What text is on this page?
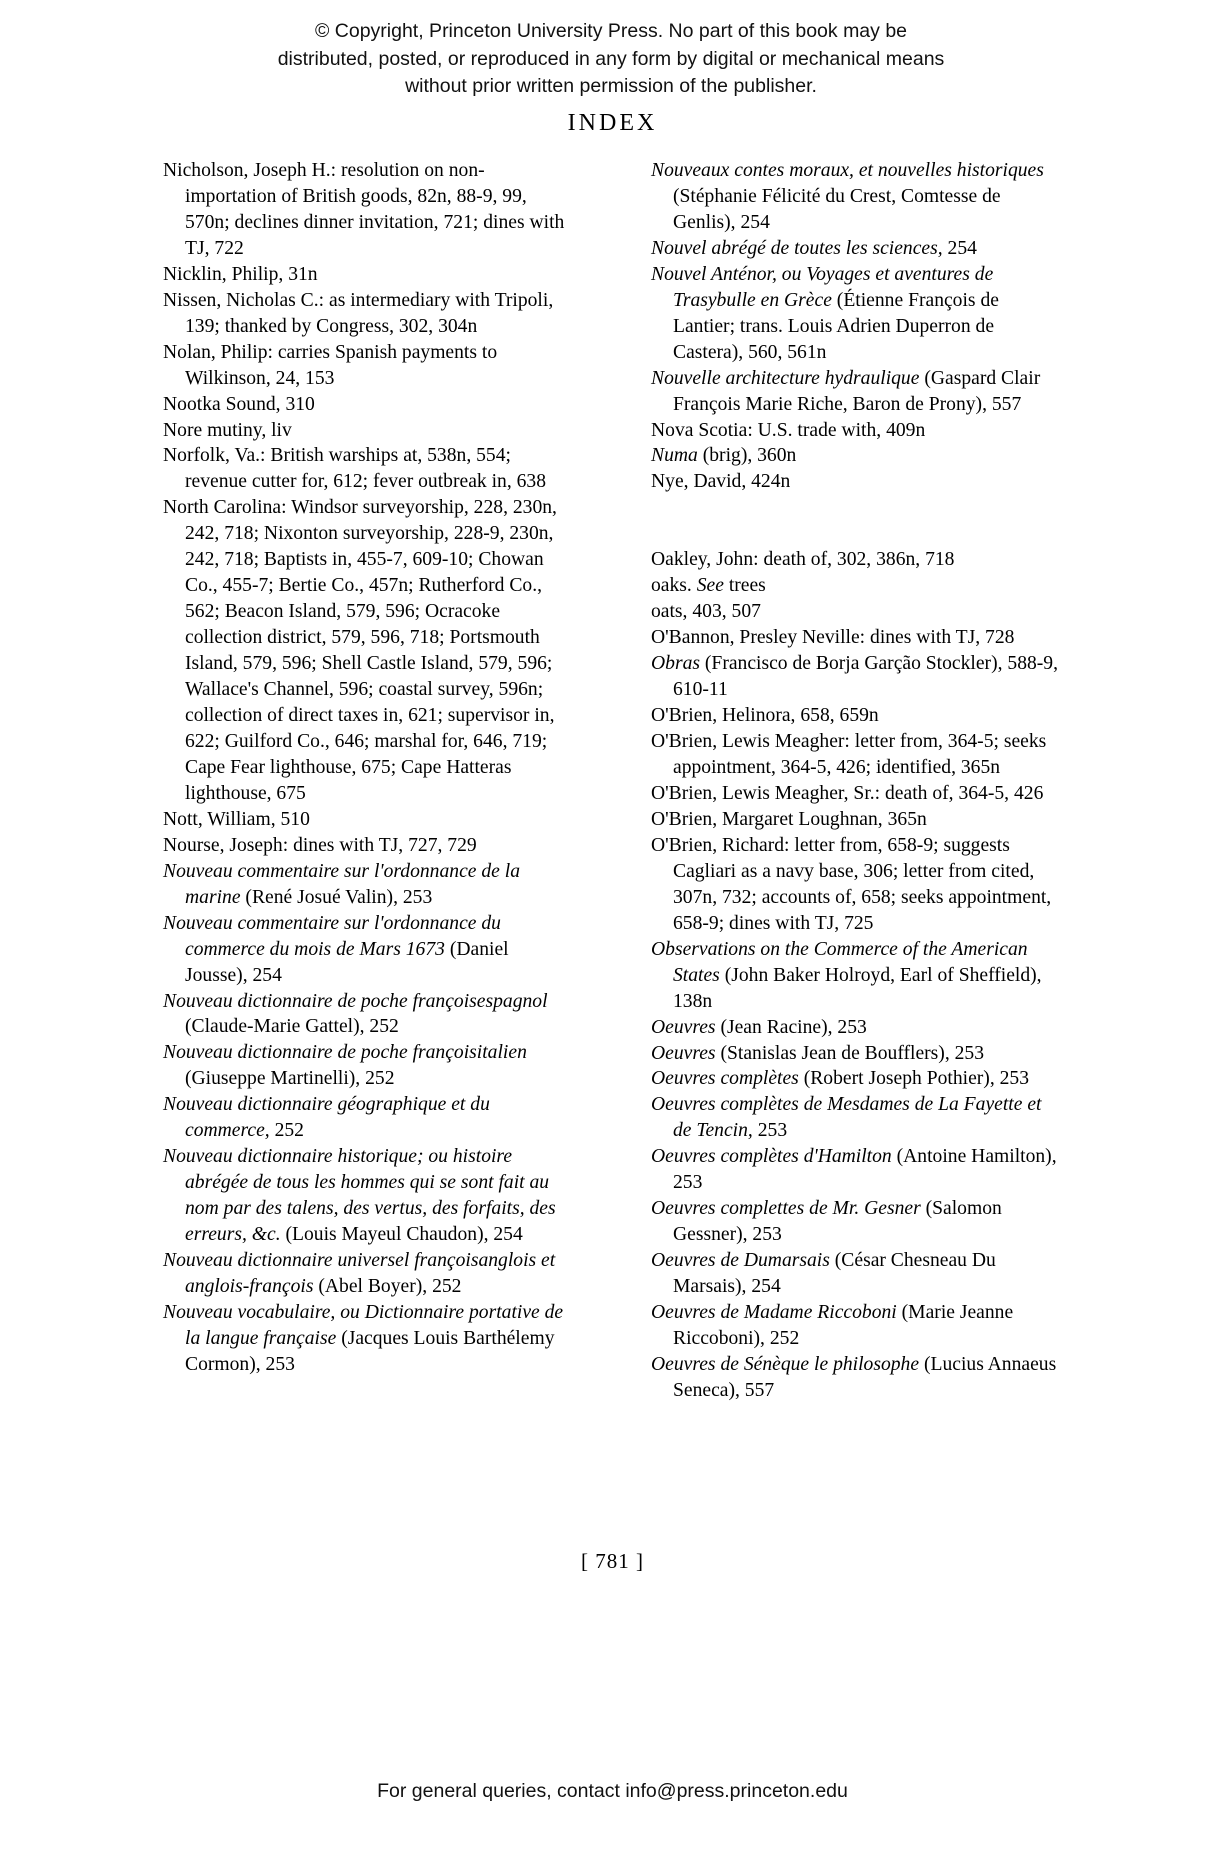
© Copyright, Princeton University Press. No part of this book may be distributed, posted, or reproduced in any form by digital or mechanical means without prior written permission of the publisher.
INDEX
Nicholson, Joseph H.: resolution on non-importation of British goods, 82n, 88-9, 99, 570n; declines dinner invitation, 721; dines with TJ, 722
Nicklin, Philip, 31n
Nissen, Nicholas C.: as intermediary with Tripoli, 139; thanked by Congress, 302, 304n
Nolan, Philip: carries Spanish payments to Wilkinson, 24, 153
Nootka Sound, 310
Nore mutiny, liv
Norfolk, Va.: British warships at, 538n, 554; revenue cutter for, 612; fever outbreak in, 638
North Carolina: Windsor surveyorship, 228, 230n, 242, 718; Nixonton surveyorship, 228-9, 230n, 242, 718; Baptists in, 455-7, 609-10; Chowan Co., 455-7; Bertie Co., 457n; Rutherford Co., 562; Beacon Island, 579, 596; Ocracoke collection district, 579, 596, 718; Portsmouth Island, 579, 596; Shell Castle Island, 579, 596; Wallace's Channel, 596; coastal survey, 596n; collection of direct taxes in, 621; supervisor in, 622; Guilford Co., 646; marshal for, 646, 719; Cape Fear lighthouse, 675; Cape Hatteras lighthouse, 675
Nott, William, 510
Nourse, Joseph: dines with TJ, 727, 729
Nouveau commentaire sur l'ordonnance de la marine (René Josué Valin), 253
Nouveau commentaire sur l'ordonnance du commerce du mois de Mars 1673 (Daniel Jousse), 254
Nouveau dictionnaire de poche françoisespagnol (Claude-Marie Gattel), 252
Nouveau dictionnaire de poche françoisitalien (Giuseppe Martinelli), 252
Nouveau dictionnaire géographique et du commerce, 252
Nouveau dictionnaire historique; ou histoire abrégée de tous les hommes qui se sont fait au nom par des talens, des vertus, des forfaits, des erreurs, &c. (Louis Mayeul Chaudon), 254
Nouveau dictionnaire universel françoisanglois et anglois-françois (Abel Boyer), 252
Nouveau vocabulaire, ou Dictionnaire portative de la langue française (Jacques Louis Barthélemy Cormon), 253
Nouveaux contes moraux, et nouvelles historiques (Stéphanie Félicité du Crest, Comtesse de Genlis), 254
Nouvel abrégé de toutes les sciences, 254
Nouvel Anténor, ou Voyages et aventures de Trasybulle en Grèce (Étienne François de Lantier; trans. Louis Adrien Duperron de Castera), 560, 561n
Nouvelle architecture hydraulique (Gaspard Clair François Marie Riche, Baron de Prony), 557
Nova Scotia: U.S. trade with, 409n
Numa (brig), 360n
Nye, David, 424n
Oakley, John: death of, 302, 386n, 718
oaks. See trees
oats, 403, 507
O'Bannon, Presley Neville: dines with TJ, 728
Obras (Francisco de Borja Garção Stockler), 588-9, 610-11
O'Brien, Helinora, 658, 659n
O'Brien, Lewis Meagher: letter from, 364-5; seeks appointment, 364-5, 426; identified, 365n
O'Brien, Lewis Meagher, Sr.: death of, 364-5, 426
O'Brien, Margaret Loughnan, 365n
O'Brien, Richard: letter from, 658-9; suggests Cagliari as a navy base, 306; letter from cited, 307n, 732; accounts of, 658; seeks appointment, 658-9; dines with TJ, 725
Observations on the Commerce of the American States (John Baker Holroyd, Earl of Sheffield), 138n
Oeuvres (Jean Racine), 253
Oeuvres (Stanislas Jean de Boufflers), 253
Oeuvres complètes (Robert Joseph Pothier), 253
Oeuvres complètes de Mesdames de La Fayette et de Tencin, 253
Oeuvres complètes d'Hamilton (Antoine Hamilton), 253
Oeuvres complettes de Mr. Gesner (Salomon Gessner), 253
Oeuvres de Dumarsais (César Chesneau Du Marsais), 254
Oeuvres de Madame Riccoboni (Marie Jeanne Riccoboni), 252
Oeuvres de Sénèque le philosophe (Lucius Annaeus Seneca), 557
[ 781 ]
For general queries, contact info@press.princeton.edu
